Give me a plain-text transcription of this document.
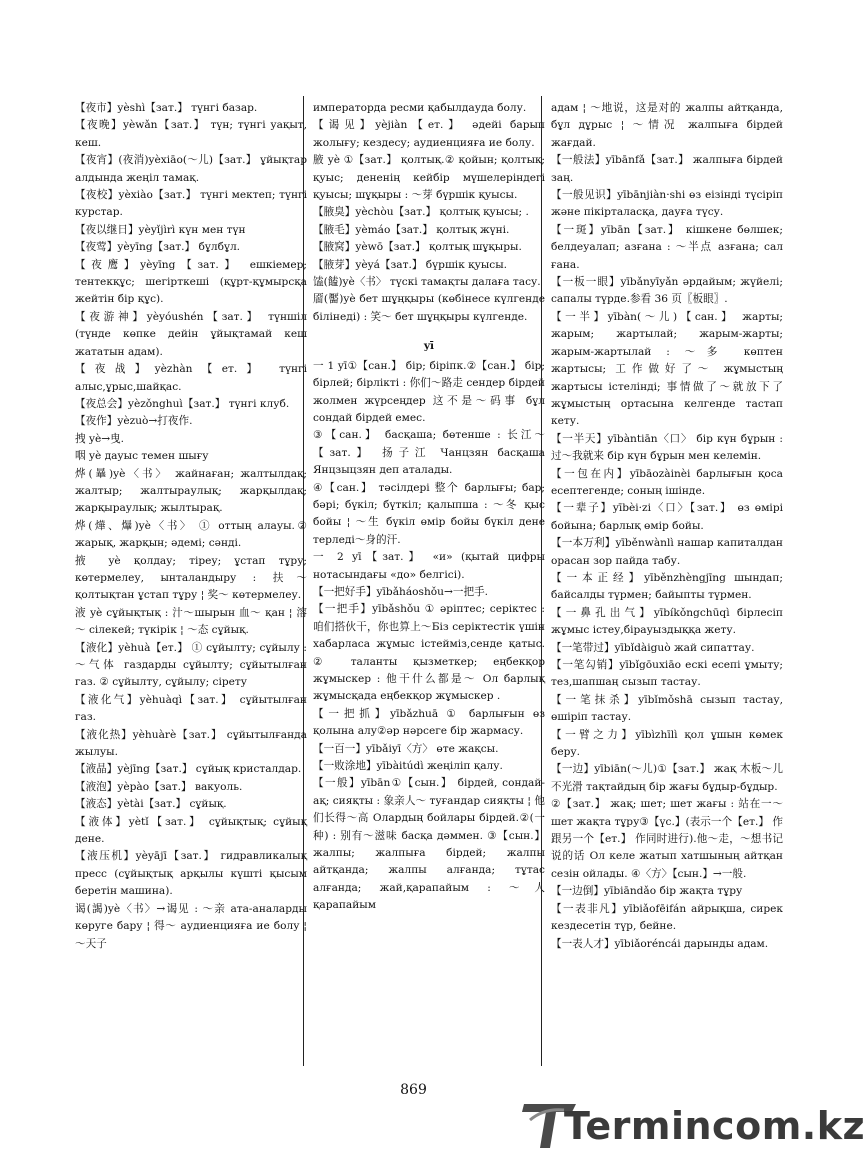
【夜市】yèshì【зат.】 түнгі базар.

【夜晚】yèwǎn【зат.】 түн; түнгі уақыт, кеш.

【夜宵】(夜消)yèxiāo(～儿)【зат.】 ұйықтар алдында жеңіл тамақ.

【夜校】yèxiào【зат.】 түнгі мектеп; түнгі курстар.

【夜以继日】yèyǐjìrì күн мен түн

【夜莺】yèyīng【зат.】 бұлбұл.

【夜鹰】yèyīng【зат.】 ешкіемер; тентекқұс; шегірткеші (құрт-құмырсқа жейтін бір құс).

【夜游神】yèyóushén【зат.】 түншіл (түнде көпке дейін ұйықтамай кеш жататын адам).

【夜战】yèzhàn【ет.】 түнгі алыс,ұрыс,шайқас.

【夜总会】yèzǒnghuì【зат.】 түнгі клуб.

【夜作】yèzuò→打夜作.

拽 yè→曳.

咽 yè дауыс темен шығу

烨(曅)yè〈书〉 жайнаған; жалтылдақ; жалтыр; жалтыраулық; жарқылдақ; жарқыраулық; жылтырақ.

烨(燁、爗)yè〈书〉 ① оттың алауы.② жарық, жарқын; әдемі; сәнді.

掖 yè қолдау; тіреу; ұстап тұру; көтермелеу, ынталандыру : 扶～ қолтықтан ұстап тұру ¦ 奖～ көтермелеу.

液 yè сұйықтық : 汁～шырын 血～ қан ¦ 溶～ сілекей; түкірік ¦ ～态 сұйық.

【液化】yèhuà【ет.】 ① сұйылту; сұйылу : ～气体 газдарды сұйылту; сұйытылған газ. ② сұйылту, сұйылу; сірету

【液化气】yèhuàqì【зат.】 сұйытылған газ.

【液化热】yèhuàrè【зат.】 сұйытылғанда жылуы.

【液晶】yèjīng【зат.】 сұйық кристалдар.

【液泡】yèpào【зат.】 вакуоль.

【液态】yètài【зат.】 сұйық.

【液体】yètǐ【зат.】 сұйықтық; сұйық дене.

【液压机】yèyājī【зат.】 гидравликалық пресс (сұйықтық арқылы күшті қысым беретін машина).

谒(謁)yè〈书〉→谒见 : ～亲 ата-аналарды көруге бару ¦ 得～ аудиенцияға ие болу ¦ ～天子

императорда ресми қабылдауда болу.

【谒见】yèjiàn【ет.】 әдейі барып жолығу; кездесу; аудиенцияға ие болу.

腋 yè ①【зат.】 қолтық.② қойын; қолтық; қуыс; дененің кейбір мүшелеріндегі қуысы; шұқыры : ～芽 бүршік қуысы.

【腋臭】yèchòu【зат.】 қолтық қуысы; .

【腋毛】yèmáo【зат.】 қолтық жүні.

【腋窝】yèwō【зат.】 қолтық шұқыры.

【腋芽】yèyá【зат.】 бүршік қуысы.

馌(饁)yè〈书〉 түскі тамақты далаға тасу.

靥(靨)yè бет шұңқыры (көбінесе күлгенде білінеді) : 笑～ бет шұңқыры күлгенде.

yī

一 1 yī①【сан.】 бір; біріпк.②【сан.】 бір; бірлей; бірлікті : 你们～路走 сендер бірдей жолмен жүрсеңдер 这不是～码事 бұл сондай бірдей емес.

③【сан.】 басқаша; бөтенше : 长江～【зат.】 扬子江 Чанцзян басқаша Янцзыцзян деп аталады.

④【сан.】 тәсілдері 整个 барлығы; бар; бәрі; бүкіл; бүткіл; қалыпша : ～冬 қыс бойы ¦ ～生 бүкіл өмір бойы бүкіл дене терледі～身的汗.

一 2 yī【зат.】 «и» (қытай цифры нотасындағы «до» белгісі).

【一把好手】yībǎháoshǒu→一把手.

【一把手】yībǎshǒu ① әріптес; серіктес : 咱们搭伙干，你也算上～Біз серіктестік үшін хабарласа жұмыс істейміз,сенде қатыс. ② таланты қызметкер; еңбекқор жұмыскер : 他干什么都是～ Ол барлық жұмысқада еңбекқор жұмыскер .

【一把抓】yībǎzhuā ① барлығын өз қолына алу②әр нәрсеге бір жармасу.

【一百一】yībǎiyī〈方〉 өте жақсы.

【一败涂地】yībàitúdì жеңіліп қалу.

【一般】yībān①【сын.】 бірдей, сондай-ақ; сияқты : 象亲人～ туғандар сияқты ¦ 他们长得～高 Олардың бойлары бірдей.②(一种) : 别有～滋味 басқа дәммен. ③【сын.】 жалпы; жалпыға бірдей; жалпы айтқанда; жалпы алғанда; тұтас алғанда; жай,қарапайым : ～人 қарапайым

адам ¦ ～地说，这是对的 жалпы айтқанда, бұл дұрыс ¦ ～情况 жалпыға бірдей жағдай.

【一般法】yībānfǎ【зат.】 жалпыға бірдей заң.

【一般见识】yībānjiàn·shi өз еізінді түсіріп және пікірталасқа, дауға түсу.

【一斑】yībān【зат.】 кішкене бөлшек; белдеуалап; азғана : ～半点 азғана; сал ғана.

【一板一眼】yībǎnyīyǎn әрдайым; жүйелі; сапалы түрде.参看 36 页〖板眼〗.

【一半】yībàn(～儿)【сан.】 жарты; жарым; жартылай; жарым-жарты; жарым-жартылай : ～多 көптен жартысы; 工作做好了～ жұмыстың жартысы істелінді; 事情做了～就放下了 жұмыстың ортасына келгенде тастап кету.

【一半天】yībàntiān〈口〉 бір күн бұрын : 过～我就来 бір күн бұрын мен келемін.

【一包在内】yībāozàinèi барлығын қоса есептегенде; соның ішінде.

【一辈子】yībèi·zi〈口〉【зат.】 өз өмірі бойына; барлық өмір бойы.

【一本万利】yīběnwànlì нашар капиталдан орасан зор пайда табу.

【一本正经】yīběnzhèngjīng шындап; байсалды түрмен; байыпты түрмен.

【一鼻孔出气】yībíkǒngchūqì бірлесіп жұмыс істеу,бірауыздыққа жету.

【一笔带过】yībǐdàiguò жай сипаттау.

【一笔勾销】yībǐgōuxiāo ескі есепі ұмыту; тез,шапшаң сызып тастау.

【一笔抹杀】yībǐmǒshā сызып тастау, өшіріп тастау.

【一臂之力】yībìzhīlì қол ұшын көмек беру.

【一边】yībiān(～儿)①【зат.】 жақ 木板～儿不光滑 тақтайдың бір жағы бұдыр-бұдыр.

②【зат.】 жақ; шет; шет жағы : 站在一～ шет жақта тұру③【үс.】(表示一个【ет.】 作跟另一个【ет.】 作同时进行).他～走，～想书记说的话 Ол келе жатып хатшының айтқан сезін ойлады. ④〈方〉【сын.】→一般.

【一边倒】yībiāndǎo бір жақта тұру

【一表非凡】yībiǎofēifán айрықша, сирек кездесетін түр, бейне.

【一表人才】yībiǎoréncái дарынды адам.

869
Termincom.kz
